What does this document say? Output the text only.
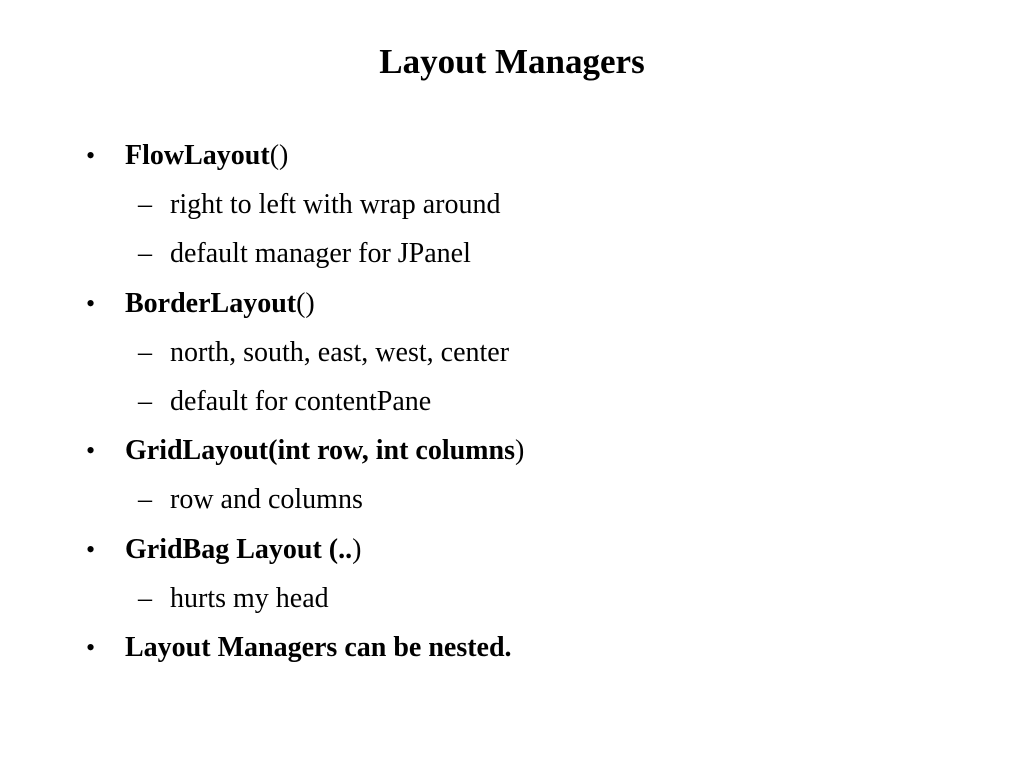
Layout Managers
• FlowLayout()
– right to left with wrap around
– default manager for JPanel
• BorderLayout()
– north, south, east, west, center
– default for contentPane
• GridLayout(int row, int columns)
– row and columns
• GridBag Layout (..)
– hurts my head
• Layout Managers can be nested.
